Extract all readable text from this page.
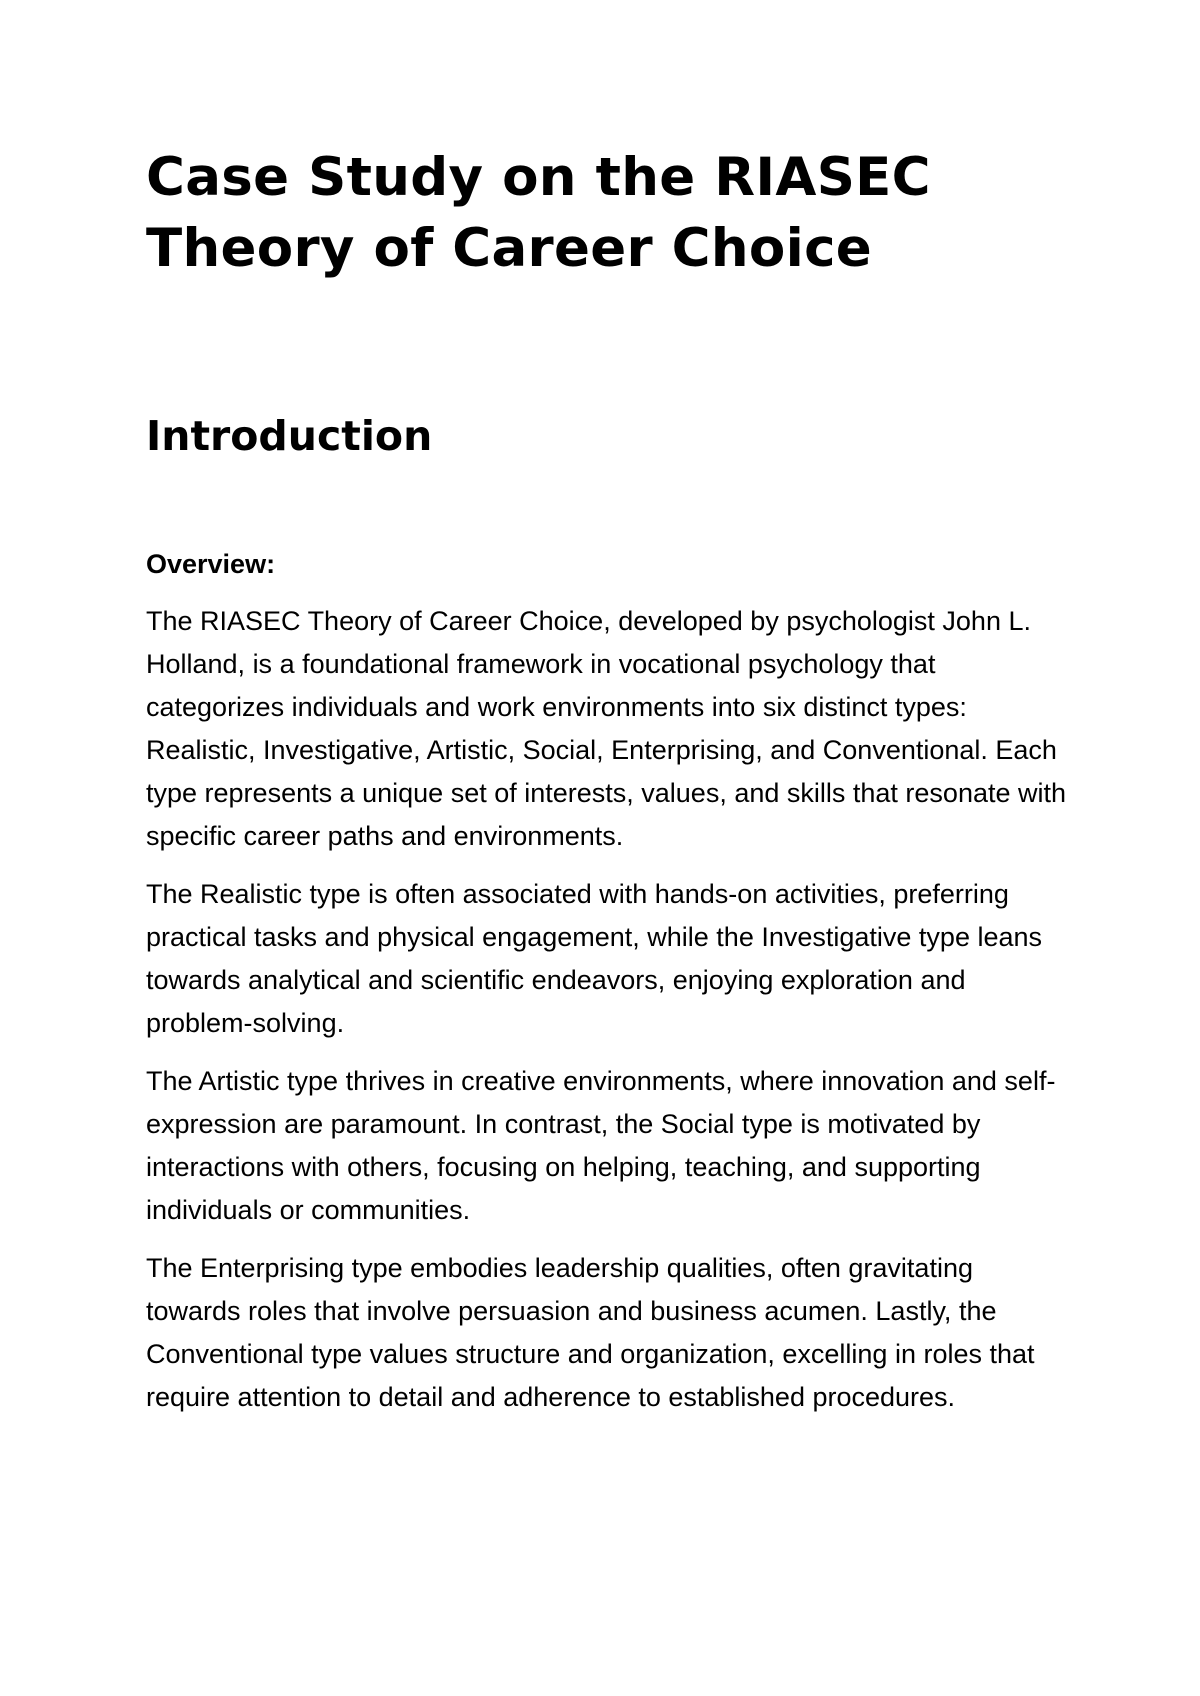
Case Study on the RIASEC Theory of Career Choice
Introduction
Overview:

The RIASEC Theory of Career Choice, developed by psychologist John L. Holland, is a foundational framework in vocational psychology that categorizes individuals and work environments into six distinct types: Realistic, Investigative, Artistic, Social, Enterprising, and Conventional. Each type represents a unique set of interests, values, and skills that resonate with specific career paths and environments.

The Realistic type is often associated with hands-on activities, preferring practical tasks and physical engagement, while the Investigative type leans towards analytical and scientific endeavors, enjoying exploration and problem-solving.

The Artistic type thrives in creative environments, where innovation and self-expression are paramount. In contrast, the Social type is motivated by interactions with others, focusing on helping, teaching, and supporting individuals or communities.

The Enterprising type embodies leadership qualities, often gravitating towards roles that involve persuasion and business acumen. Lastly, the Conventional type values structure and organization, excelling in roles that require attention to detail and adherence to established procedures.
